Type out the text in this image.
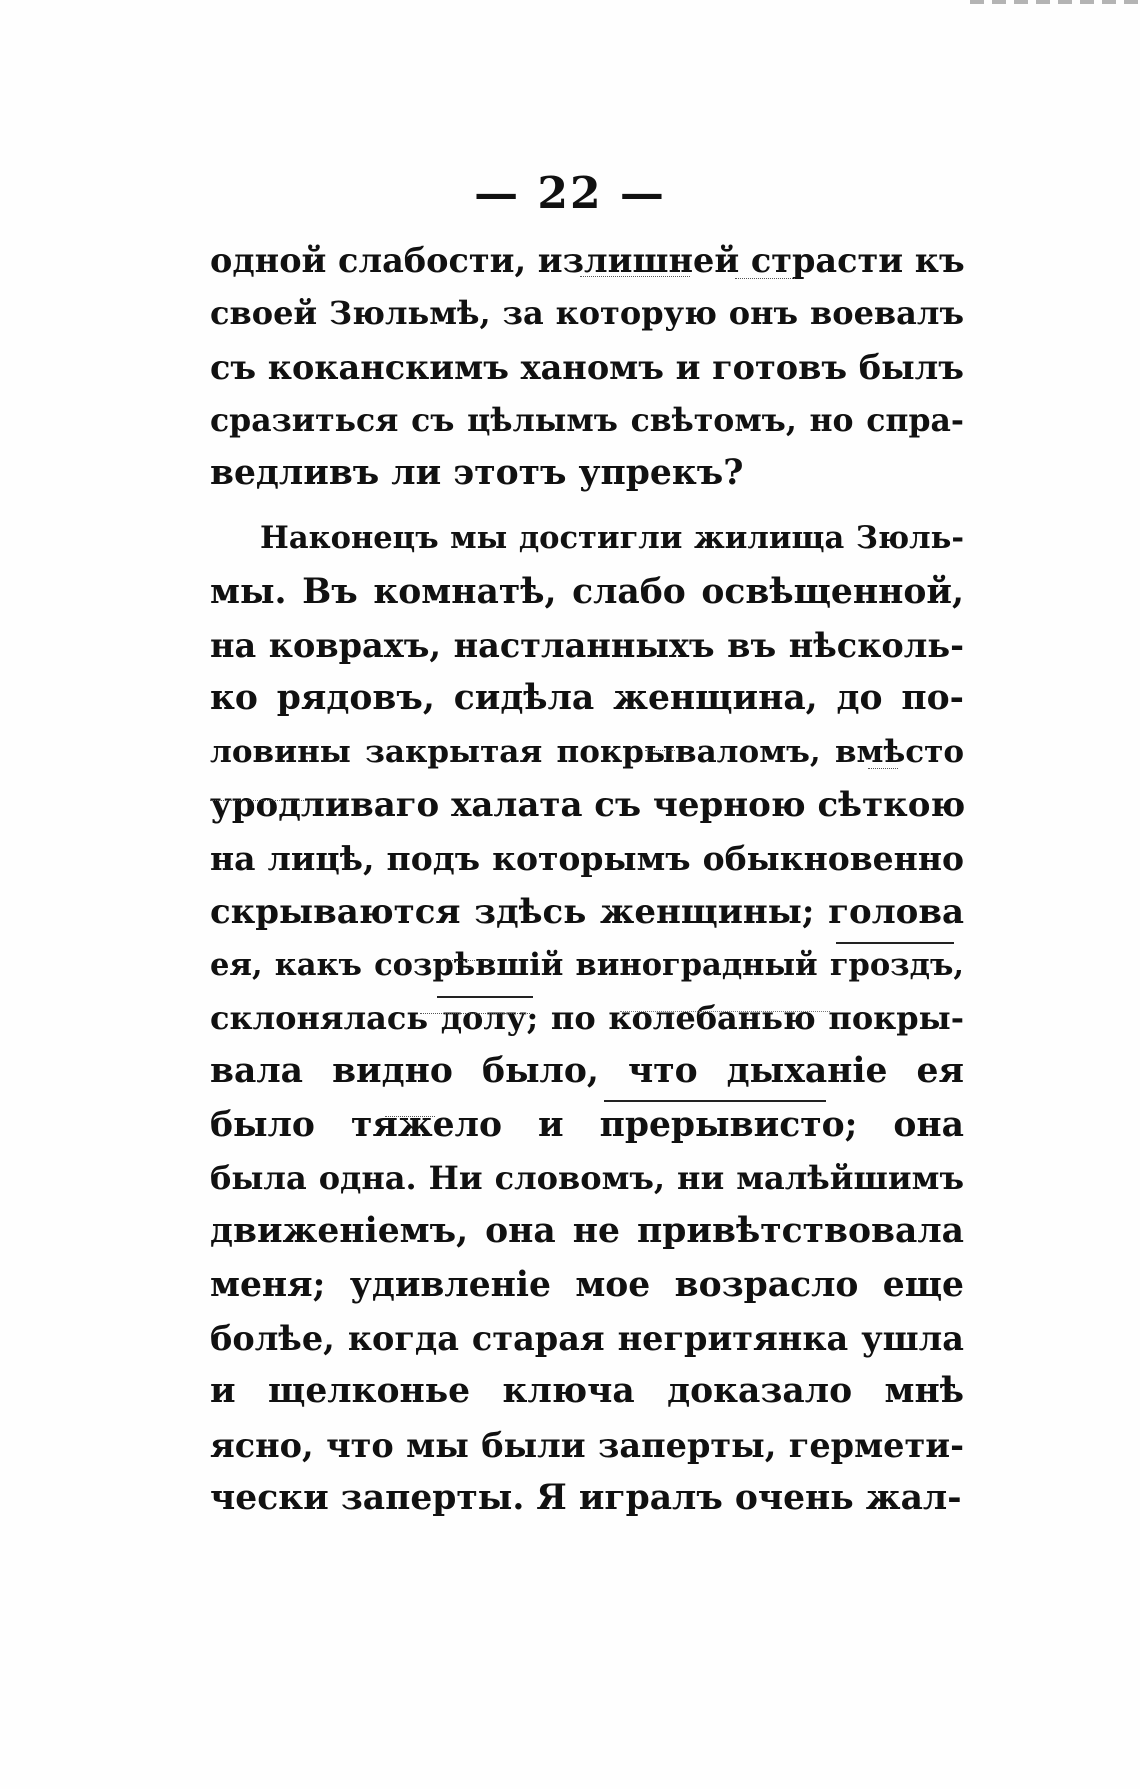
— 22 —
одной слабости, излишней страсти къ
своей Зюльмѣ, за которую онъ воевалъ
съ коканскимъ ханомъ и готовъ былъ
сразиться съ цѣлымъ свѣтомъ, но спра-
ведливъ ли этотъ упрекъ?
Наконецъ мы достигли жилища Зюль-
мы. Въ комнатѣ, слабо освѣщенной,
на коврахъ, настланныхъ въ нѣсколь-
ко рядовъ, сидѣла женщина, до по-
ловины закрытая покрываломъ, вмѣсто
уродливаго халата съ черною сѣткою
на лицѣ, подъ которымъ обыкновенно
скрываются здѣсь женщины; голова
ея, какъ созрѣвшій виноградный гроздъ,
склонялась долу; по колебанью покры-
вала видно было, что дыханіе ея
было тяжело и прерывисто; она
была одна. Ни словомъ, ни малѣйшимъ
движеніемъ, она не привѣтствовала
меня; удивленіе мое возрасло еще
болѣе, когда старая негритянка ушла
и щелконье ключа доказало мнѣ
ясно, что мы были заперты, гермети-
чески заперты. Я игралъ очень жал-
